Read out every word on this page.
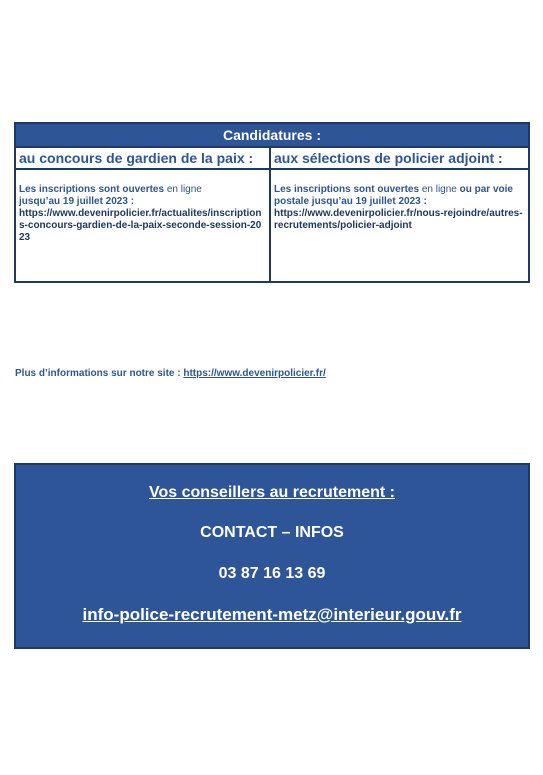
Candidatures :
au concours de gardien de la paix :	aux sélections de policier adjoint :
Les inscriptions sont ouvertes en ligne
jusqu’au 19 juillet 2023 :
https://www.devenirpolicier.fr/actualites/inscriptions-concours-gardien-de-la-paix-seconde-session-2023
Les inscriptions sont ouvertes en ligne ou par voie postale jusqu’au 19 juillet 2023 :
https://www.devenirpolicier.fr/nous-rejoindre/autres-recrutements/policier-adjoint
Plus d’informations sur notre site : https://www.devenirpolicier.fr/
Vos conseillers au recrutement :
CONTACT – INFOS
03 87 16 13 69
info-police-recrutement-metz@interieur.gouv.fr
